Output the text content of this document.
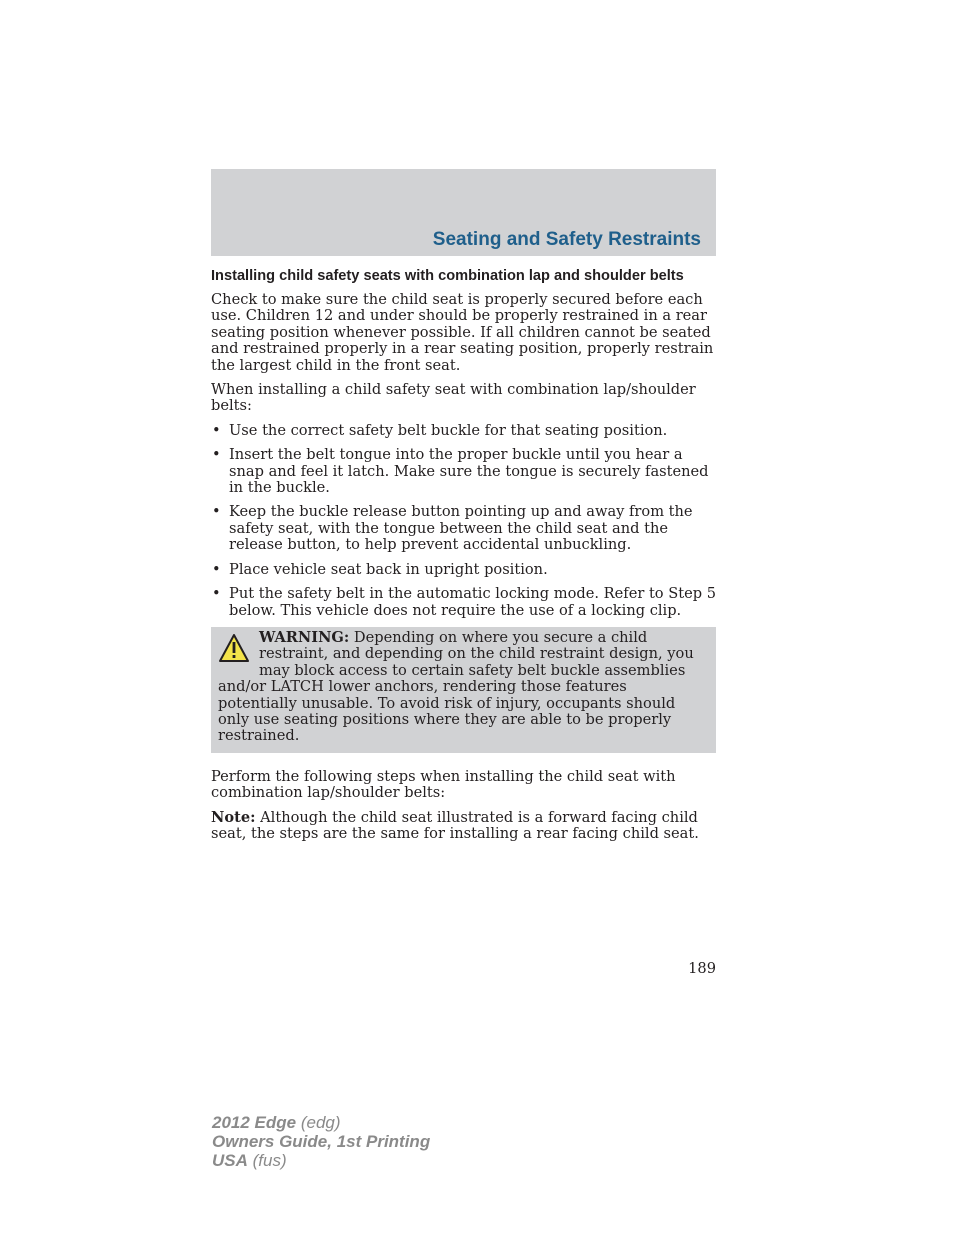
Seating and Safety Restraints
Installing child safety seats with combination lap and shoulder belts

Check to make sure the child seat is properly secured before each use. Children 12 and under should be properly restrained in a rear seating position whenever possible. If all children cannot be seated and restrained properly in a rear seating position, properly restrain the largest child in the front seat.

When installing a child safety seat with combination lap/shoulder belts:

• Use the correct safety belt buckle for that seating position.
• Insert the belt tongue into the proper buckle until you hear a snap and feel it latch. Make sure the tongue is securely fastened in the buckle.
• Keep the buckle release button pointing up and away from the safety seat, with the tongue between the child seat and the release button, to help prevent accidental unbuckling.
• Place vehicle seat back in upright position.
• Put the safety belt in the automatic locking mode. Refer to Step 5 below. This vehicle does not require the use of a locking clip.
WARNING: Depending on where you secure a child restraint, and depending on the child restraint design, you may block access to certain safety belt buckle assemblies and/or LATCH lower anchors, rendering those features potentially unusable. To avoid risk of injury, occupants should only use seating positions where they are able to be properly restrained.

Perform the following steps when installing the child seat with combination lap/shoulder belts:

Note: Although the child seat illustrated is a forward facing child seat, the steps are the same for installing a rear facing child seat.

189
2012 Edge (edg)
Owners Guide, 1st Printing
USA (fus)
